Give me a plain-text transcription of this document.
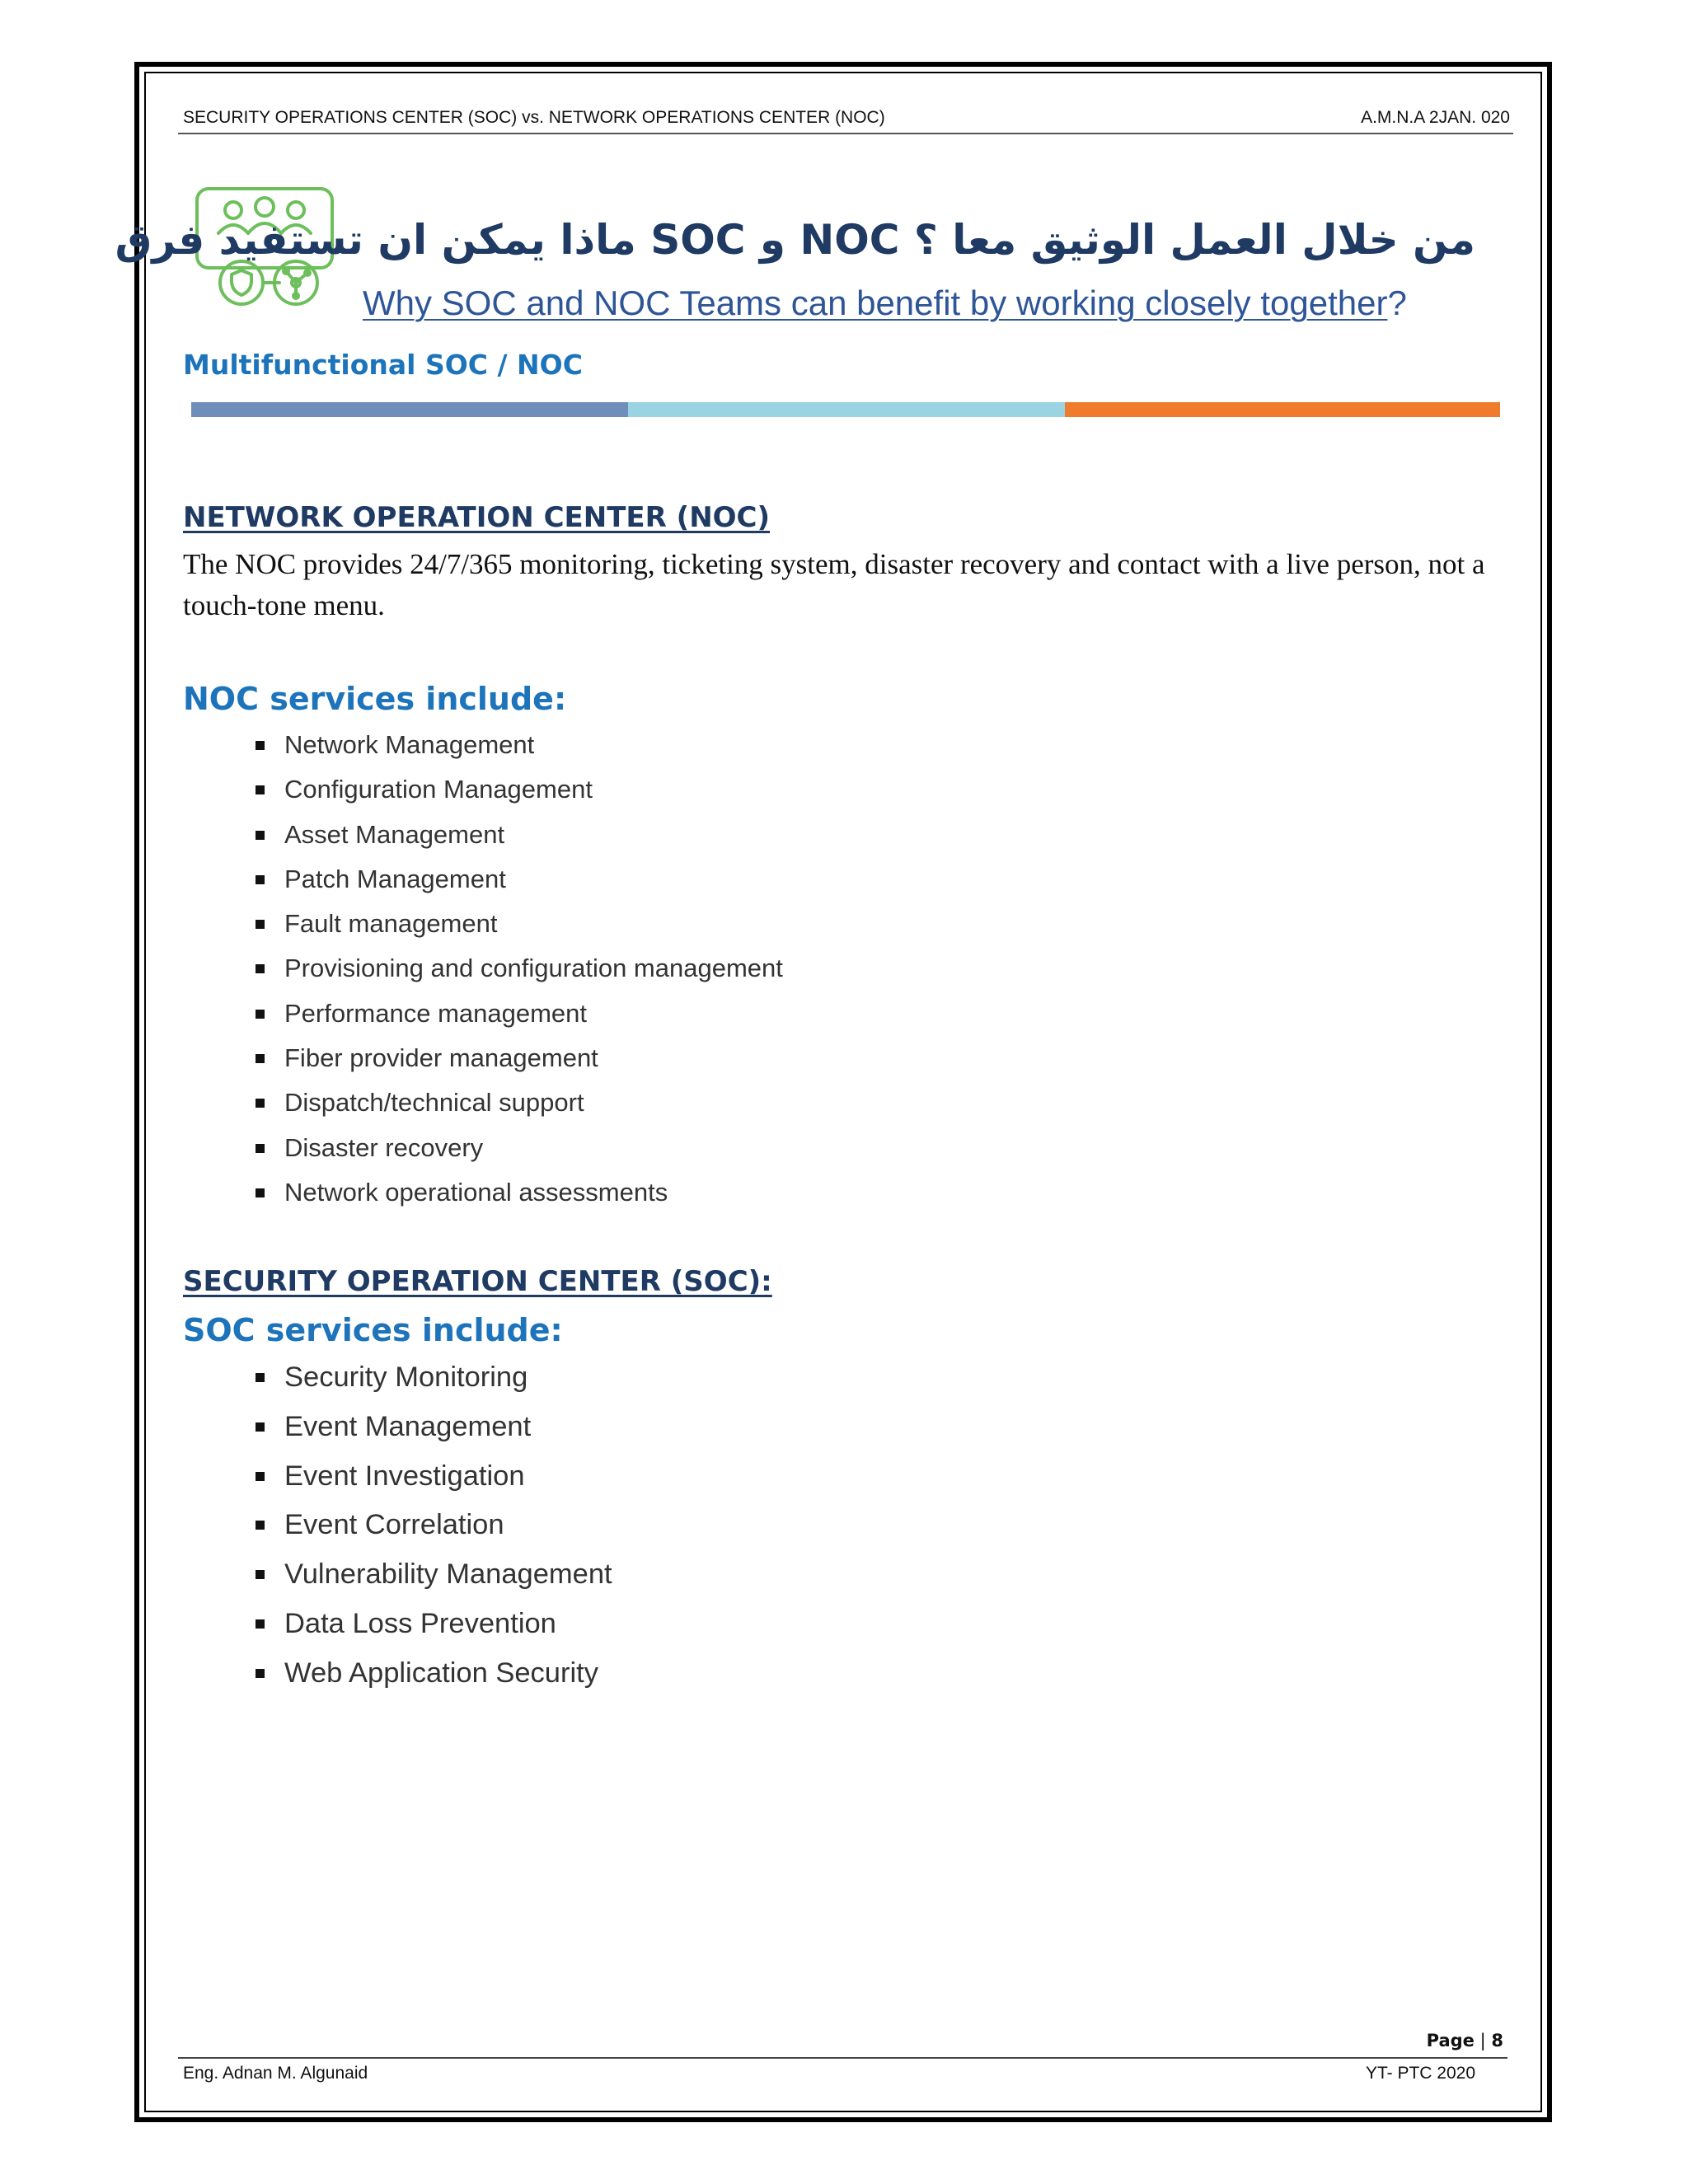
SECURITY OPERATIONS CENTER (SOC) vs. NETWORK OPERATIONS CENTER (NOC)	A.M.N.A 2JAN. 020
من خلال العمل الوثيق معا ؟ NOC و SOC ماذا يمكن ان تستفيد فرق
Why SOC and NOC Teams can benefit by working closely together?
Multifunctional SOC / NOC
NETWORK OPERATION CENTER (NOC)

The NOC provides 24/7/365 monitoring, ticketing system, disaster recovery and contact with a live person, not a touch-tone menu.

NOC services include:
Network Management
Configuration Management
Asset Management
Patch Management
Fault management
Provisioning and configuration management
Performance management
Fiber provider management
Dispatch/technical support
Disaster recovery
Network operational assessments
SECURITY OPERATION CENTER (SOC):
SOC services include:
Security Monitoring
Event Management
Event Investigation
Event Correlation
Vulnerability Management
Data Loss Prevention
Web Application Security
Page | 8
Eng. Adnan M. Algunaid	YT- PTC 2020
